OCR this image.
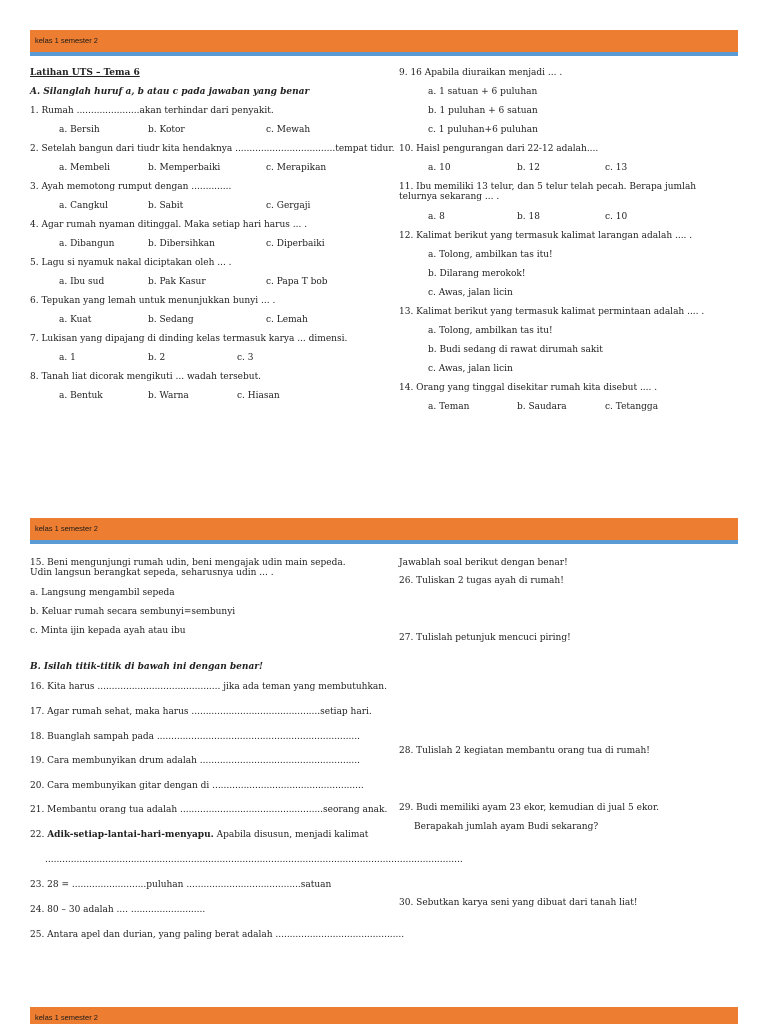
kelas 1 semester 2
Latihan UTS – Tema 6
A. Silanglah huruf a, b atau c pada jawaban yang benar
1. Rumah ......................akan terhindar dari penyakit.
a. Bersih	b. Kotor	c. Mewah
2. Setelah bangun dari tiudr kita hendaknya ...................................tempat tidur.
a. Membeli	b. Memperbaiki	c. Merapikan
3. Ayah memotong rumput dengan ..............
a. Cangkul	b. Sabit	c. Gergaji
4. Agar rumah nyaman ditinggal. Maka setiap hari harus ... .
a. Dibangun	b. Dibersihkan	c. Diperbaiki
5. Lagu si nyamuk nakal diciptakan oleh ... .
a. Ibu sud	b. Pak Kasur	c. Papa T bob
6. Tepukan yang lemah untuk menunjukkan bunyi ... .
a. Kuat	b. Sedang	c. Lemah
7. Lukisan yang dipajang di dinding kelas termasuk karya ... dimensi.
a. 1	b. 2	c. 3
8. Tanah liat dicorak mengikuti ... wadah tersebut.
a. Bentuk	b. Warna	c. Hiasan
9. 16 Apabila diuraikan menjadi ... .
a. 1 satuan + 6 puluhan
b. 1 puluhan + 6 satuan
c. 1 puluhan+6 puluhan
10. Haisl pengurangan dari 22-12 adalah....
a. 10	b. 12	c. 13
11. Ibu memiliki 13 telur, dan 5 telur telah pecah. Berapa jumlah telurnya sekarang ... .
a. 8	b. 18	c. 10
12. Kalimat berikut yang termasuk kalimat larangan adalah .... .
a. Tolong, ambilkan tas itu!
b. Dilarang merokok!
c. Awas, jalan licin
13. Kalimat berikut yang termasuk kalimat permintaan adalah .... .
a. Tolong, ambilkan tas itu!
b. Budi sedang di rawat dirumah sakit
c. Awas, jalan licin
14. Orang yang tinggal disekitar rumah kita disebut .... .
a. Teman	b. Saudara	c. Tetangga
kelas 1 semester 2
15. Beni mengunjungi rumah udin, beni mengajak udin main sepeda. Udin langsun berangkat sepeda, seharusnya udin ... .
a. Langsung mengambil sepeda
b. Keluar rumah secara sembunyi=sembunyi
c. Minta ijin kepada ayah atau ibu
B. Isilah titik-titik di bawah ini dengan benar!
16. Kita harus ........................................... jika ada teman yang membutuhkan.
17. Agar rumah sehat, maka harus .............................................setiap hari.
18. Buanglah sampah pada .......................................................................
19. Cara membunyikan drum adalah ........................................................
20. Cara membunyikan gitar dengan di .....................................................
21. Membantu orang tua adalah ..................................................seorang anak.
22. Adik-setiap-lantai-hari-menyapu. Apabila disusun, menjadi kalimat
..................................................................................................................................................
23. 28 = ..........................puluhan ........................................satuan
24. 80 – 30 adalah .... ..........................
25. Antara apel dan durian, yang paling berat adalah .............................................
Jawablah soal berikut dengan benar!
26. Tuliskan 2 tugas ayah di rumah!
27. Tulislah petunjuk mencuci piring!
28. Tulislah 2 kegiatan membantu orang tua di rumah!
29. Budi memiliki ayam 23 ekor, kemudian di jual 5 ekor.
Berapakah jumlah ayam Budi sekarang?
30. Sebutkan karya seni yang dibuat dari tanah liat!
kelas 1 semester 2
